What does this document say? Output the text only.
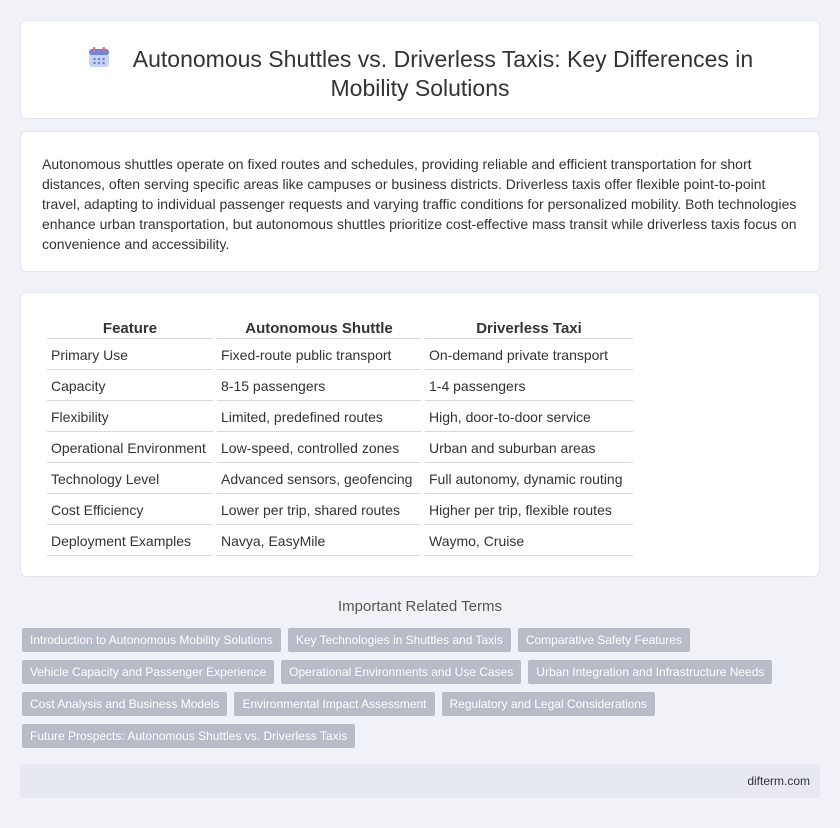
Autonomous Shuttles vs. Driverless Taxis: Key Differences in Mobility Solutions

Autonomous shuttles operate on fixed routes and schedules, providing reliable and efficient transportation for short distances, often serving specific areas like campuses or business districts. Driverless taxis offer flexible point-to-point travel, adapting to individual passenger requests and varying traffic conditions for personalized mobility. Both technologies enhance urban transportation, but autonomous shuttles prioritize cost-effective mass transit while driverless taxis focus on convenience and accessibility.

Feature	Autonomous Shuttle	Driverless Taxi
Primary Use	Fixed-route public transport	On-demand private transport
Capacity	8-15 passengers	1-4 passengers
Flexibility	Limited, predefined routes	High, door-to-door service
Operational Environment	Low-speed, controlled zones	Urban and suburban areas
Technology Level	Advanced sensors, geofencing	Full autonomy, dynamic routing
Cost Efficiency	Lower per trip, shared routes	Higher per trip, flexible routes
Deployment Examples	Navya, EasyMile	Waymo, Cruise
Important Related Terms
Introduction to Autonomous Mobility Solutions	Key Technologies in Shuttles and Taxis	Comparative Safety Features
Vehicle Capacity and Passenger Experience	Operational Environments and Use Cases	Urban Integration and Infrastructure Needs
Cost Analysis and Business Models	Environmental Impact Assessment	Regulatory and Legal Considerations
Future Prospects: Autonomous Shuttles vs. Driverless Taxis
difterm.com
